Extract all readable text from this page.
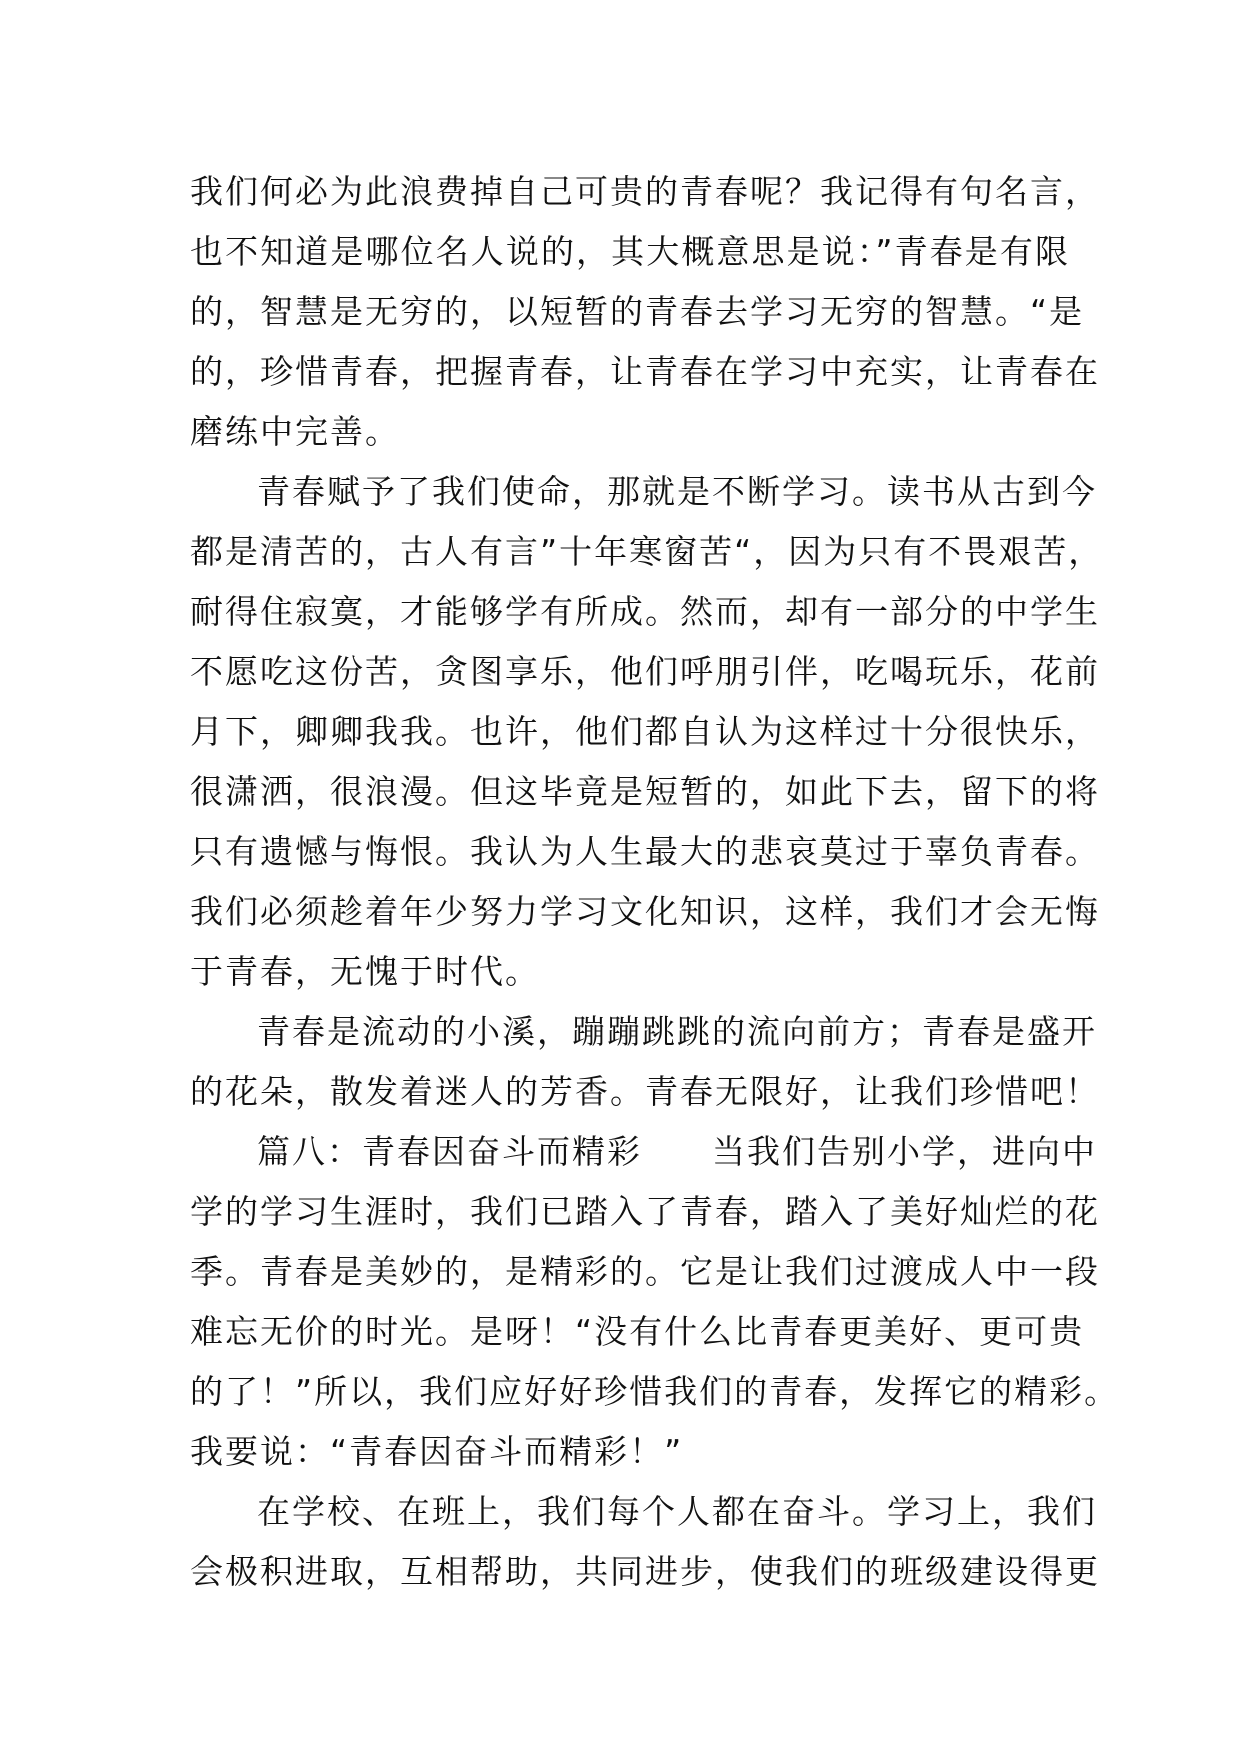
我们何必为此浪费掉自己可贵的青春呢？我记得有句名言，
也不知道是哪位名人说的，其大概意思是说：”青春是有限
的，智慧是无穷的，以短暂的青春去学习无穷的智慧。“是
的，珍惜青春，把握青春，让青春在学习中充实，让青春在
磨练中完善。
青春赋予了我们使命，那就是不断学习。读书从古到今
都是清苦的，古人有言”十年寒窗苦“，因为只有不畏艰苦，
耐得住寂寞，才能够学有所成。然而，却有一部分的中学生
不愿吃这份苦，贪图享乐，他们呼朋引伴，吃喝玩乐，花前
月下，卿卿我我。也许，他们都自认为这样过十分很快乐，
很潇洒，很浪漫。但这毕竟是短暂的，如此下去，留下的将
只有遗憾与悔恨。我认为人生最大的悲哀莫过于辜负青春。
我们必须趁着年少努力学习文化知识，这样，我们才会无悔
于青春，无愧于时代。
青春是流动的小溪，蹦蹦跳跳的流向前方；青春是盛开
的花朵，散发着迷人的芳香。青春无限好，让我们珍惜吧！
篇八：青春因奋斗而精彩　　当我们告别小学，进向中
学的学习生涯时，我们已踏入了青春，踏入了美好灿烂的花
季。青春是美妙的，是精彩的。它是让我们过渡成人中一段
难忘无价的时光。是呀！“没有什么比青春更美好、更可贵
的了！”所以，我们应好好珍惜我们的青春，发挥它的精彩。
我要说：“青春因奋斗而精彩！”
在学校、在班上，我们每个人都在奋斗。学习上，我们
会极积进取，互相帮助，共同进步，使我们的班级建设得更
